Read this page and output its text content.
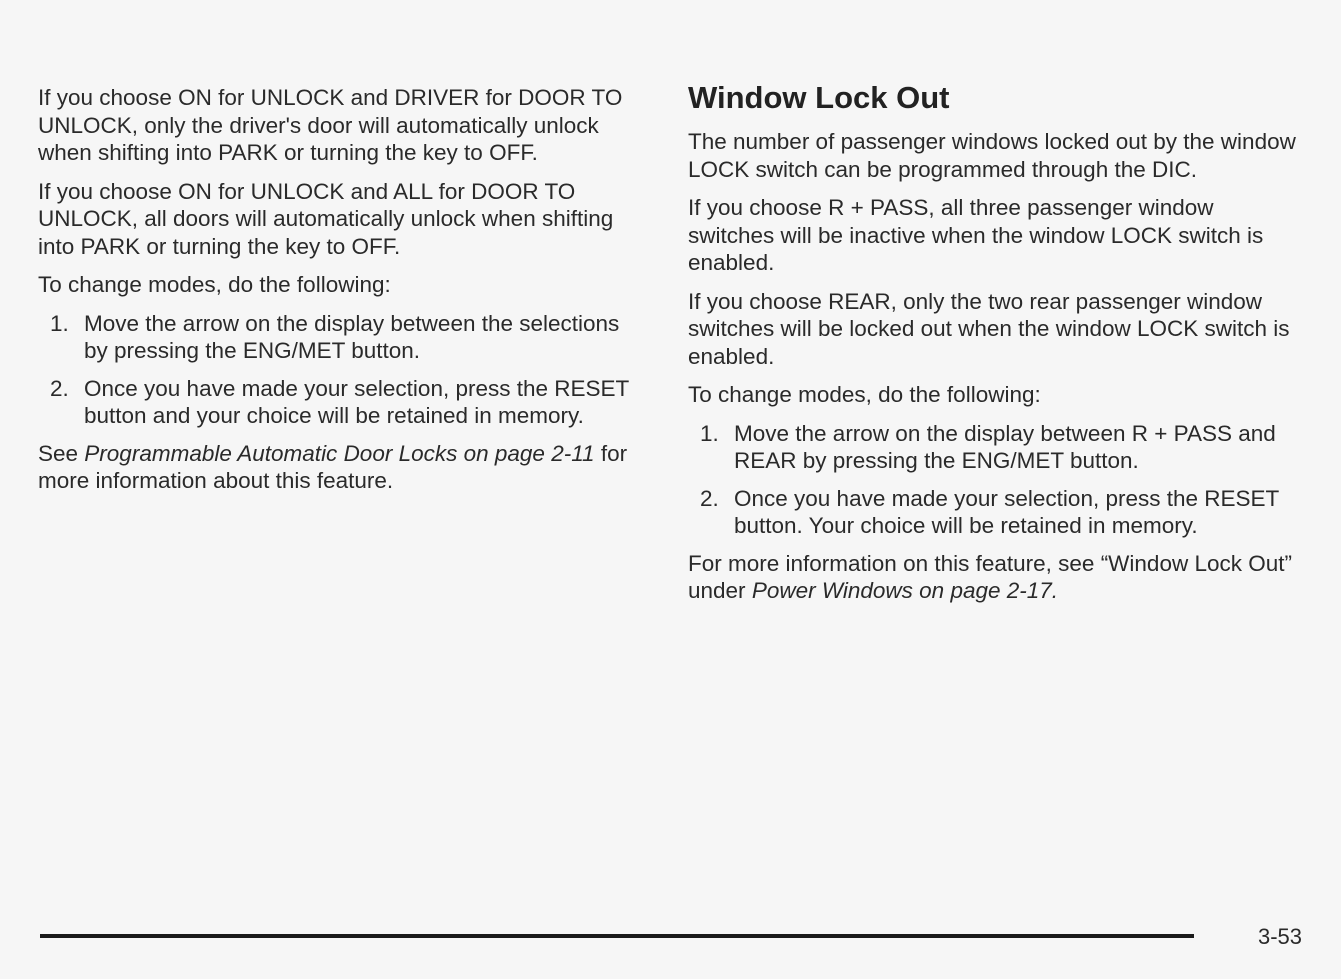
If you choose ON for UNLOCK and DRIVER for DOOR TO UNLOCK, only the driver's door will automatically unlock when shifting into PARK or turning the key to OFF.

If you choose ON for UNLOCK and ALL for DOOR TO UNLOCK, all doors will automatically unlock when shifting into PARK or turning the key to OFF.

To change modes, do the following:

1. Move the arrow on the display between the selections by pressing the ENG/MET button.
2. Once you have made your selection, press the RESET button and your choice will be retained in memory.

See Programmable Automatic Door Locks on page 2-11 for more information about this feature.

Window Lock Out

The number of passenger windows locked out by the window LOCK switch can be programmed through the DIC.

If you choose R + PASS, all three passenger window switches will be inactive when the window LOCK switch is enabled.

If you choose REAR, only the two rear passenger window switches will be locked out when the window LOCK switch is enabled.

To change modes, do the following:

1. Move the arrow on the display between R + PASS and REAR by pressing the ENG/MET button.
2. Once you have made your selection, press the RESET button. Your choice will be retained in memory.

For more information on this feature, see “Window Lock Out” under Power Windows on page 2-17.

3-53
